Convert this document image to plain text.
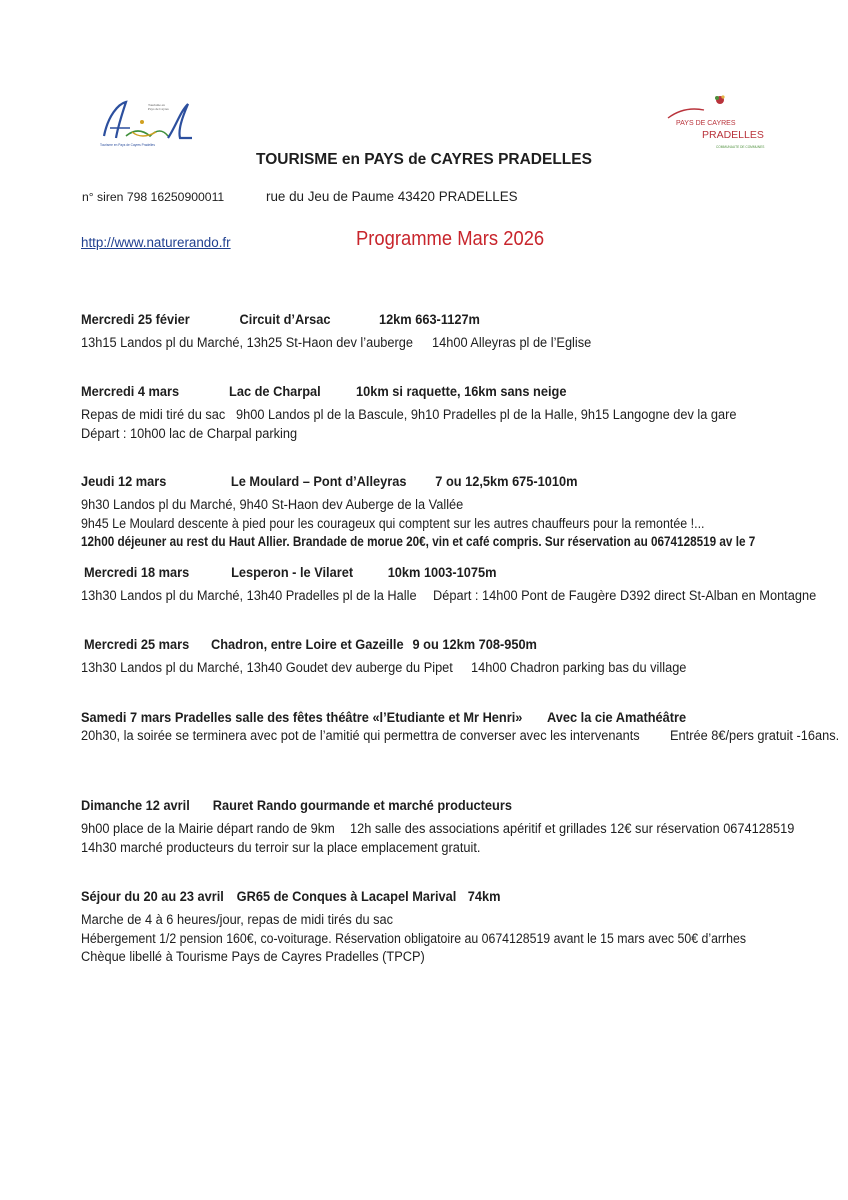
Tourisme en
Pays de Cayres
Tourisme en Pays de Cayres Pradelles
PAYS DE CAYRES
PRADELLES
COMMUNAUTE DE COMMUNES
TOURISME en PAYS de CAYRES PRADELLES
n° siren 798 16250900011	rue du Jeu de Paume 43420 PRADELLES
http://www.naturerando.fr	Programme Mars 2026
Mercredi 25 févier	Circuit d’Arsac	12km 663-1127m
13h15 Landos pl du Marché, 13h25 St-Haon dev l’auberge 14h00 Alleyras pl de l’Eglise
Mercredi 4 mars	Lac de Charpal	10km si raquette, 16km sans neige
Repas de midi tiré du sac 9h00 Landos pl de la Bascule, 9h10 Pradelles pl de la Halle, 9h15 Langogne dev la gare Départ : 10h00 lac de Charpal parking
Jeudi 12 mars	Le Moulard – Pont d’Alleyras 7 ou 12,5km 675-1010m
9h30 Landos pl du Marché, 9h40 St-Haon dev Auberge de la Vallée 9h45 Le Moulard descente à pied pour les courageux qui comptent sur les autres chauffeurs pour la remontée !... 12h00 déjeuner au rest du Haut Allier. Brandade de morue 20€, vin et café compris. Sur réservation au 0674128519 av le 7
Mercredi 18 mars	Lesperon - le Vilaret	10km 1003-1075m
13h30 Landos pl du Marché, 13h40 Pradelles pl de la Halle Départ : 14h00 Pont de Faugère D392 direct St-Alban en Montagne
Mercredi 25 mars Chadron, entre Loire et Gazeille 9 ou 12km 708-950m
13h30 Landos pl du Marché, 13h40 Goudet dev auberge du Pipet 14h00 Chadron parking bas du village
Samedi 7 mars Pradelles salle des fêtes théâtre «l’Etudiante et Mr Henri» Avec la cie Amathéâtre 20h30, la soirée se terminera avec pot de l’amitié qui permettra de converser avec les intervenants Entrée 8€/pers gratuit -16ans.
Dimanche 12 avril Rauret Rando gourmande et marché producteurs
9h00 place de la Mairie départ rando de 9km 12h salle des associations apéritif et grillades 12€ sur réservation 0674128519 14h30 marché producteurs du terroir sur la place emplacement gratuit.
Séjour du 20 au 23 avril GR65 de Conques à Lacapel Marival 74km
Marche de 4 à 6 heures/jour, repas de midi tirés du sac Hébergement 1/2 pension 160€, co-voiturage. Réservation obligatoire au 0674128519 avant le 15 mars avec 50€ d’arrhes Chèque libellé à Tourisme Pays de Cayres Pradelles (TPCP)
